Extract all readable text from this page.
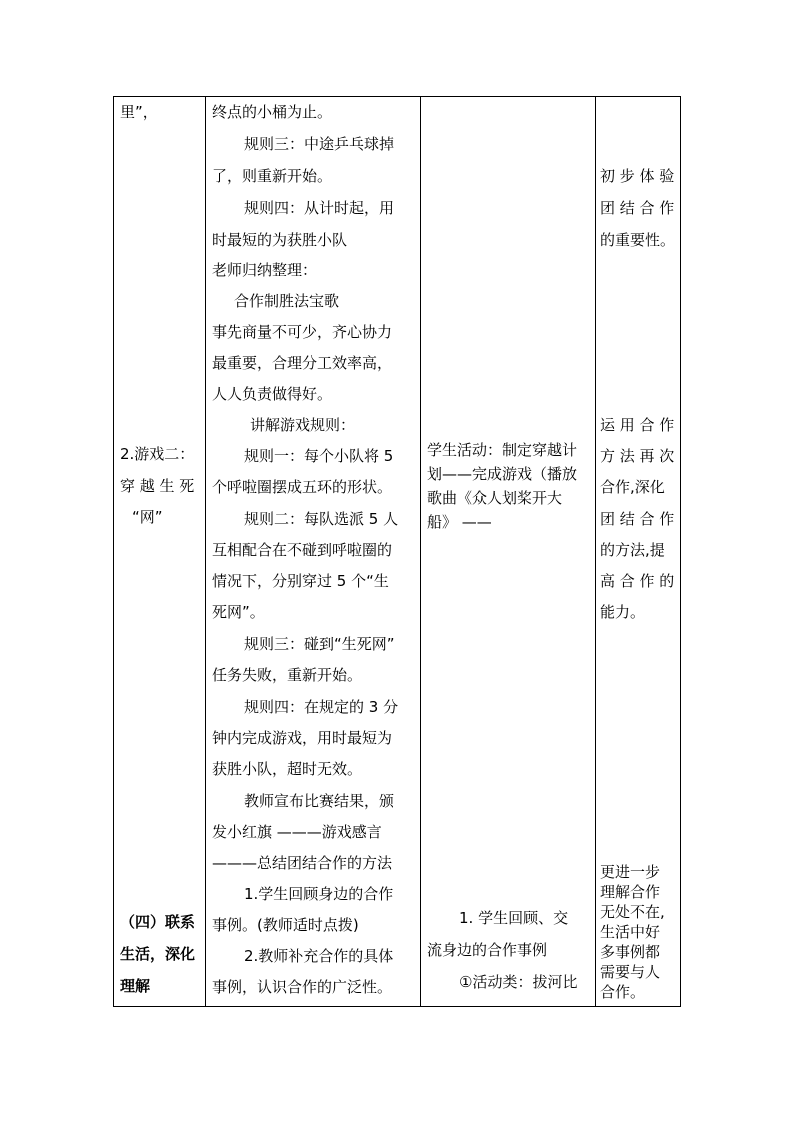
里”，
2.游戏二：
穿 越 生 死
“网”
（四）联系
生活，深化
理解
终点的小桶为止。
规则三：中途乒乓球掉
了，则重新开始。
规则四：从计时起，用
时最短的为获胜小队
老师归纳整理：
合作制胜法宝歌
事先商量不可少，齐心协力
最重要，合理分工效率高，
人人负责做得好。
讲解游戏规则：
规则一：每个小队将 5
个呼啦圈摆成五环的形状。
规则二：每队选派 5 人
互相配合在不碰到呼啦圈的
情况下，分别穿过 5 个“生
死网”。
规则三：碰到“生死网”
任务失败，重新开始。
规则四：在规定的 3 分
钟内完成游戏，用时最短为
获胜小队，超时无效。
教师宣布比赛结果，颁
发小红旗 ———游戏感言
———总结团结合作的方法
1.学生回顾身边的合作
事例。(教师适时点拨)
2.教师补充合作的具体
事例，认识合作的广泛性。
学生活动：制定穿越计
划——完成游戏（播放
歌曲《众人划桨开大
船》 ——
1. 学生回顾、交
流身边的合作事例
①活动类：拔河比
初 步 体 验
团 结 合 作
的重要性。
运 用 合 作
方 法 再 次
合作,深化
团 结 合 作
的方法,提
高 合 作 的
能力。
更进一步
理解合作
无处不在,
生活中好
多事例都
需要与人
合作。
